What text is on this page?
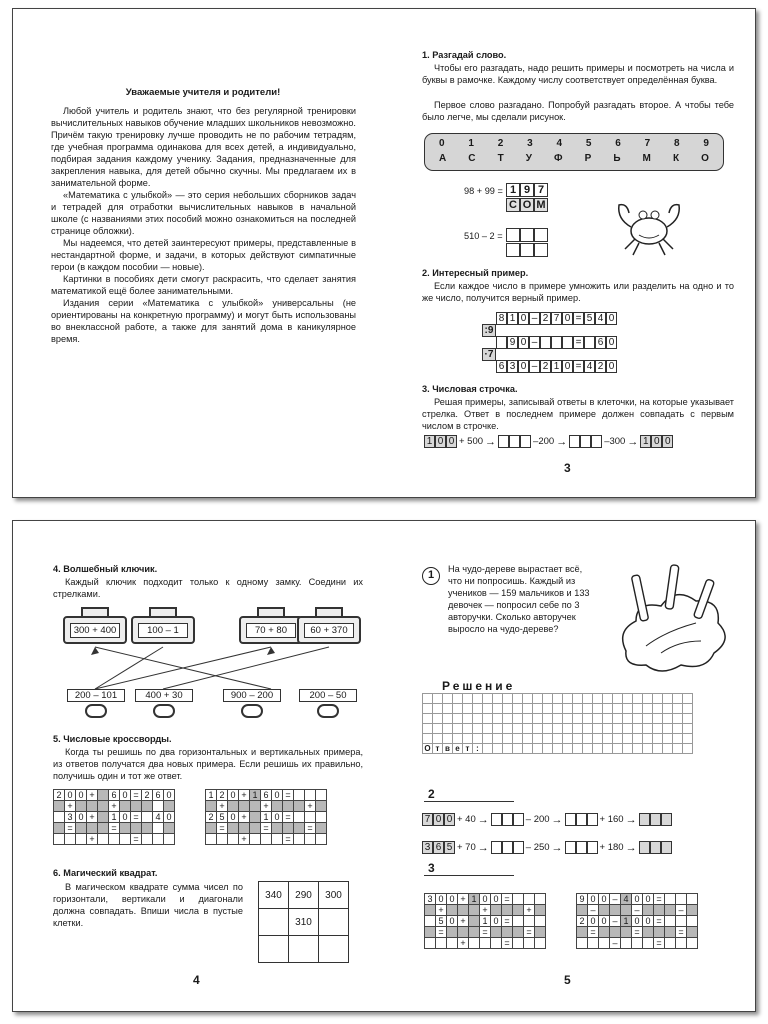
Уважаемые учителя и родители!

Любой учитель и родитель знают, что без регулярной тренировки вычислительных навыков обучение младших школьников невозможно. Причём такую тренировку лучше проводить не по рабочим тетрадям, где учебная программа одинакова для всех детей, а индивидуально, подбирая задания каждому ученику. Задания, предназначенные для закрепления навыка, для детей обычно скучны. Мы предлагаем их в занимательной форме.

«Математика с улыбкой» — это серия небольших сборников задач и тетрадей для отработки вычислительных навыков в начальной школе (с названиями этих пособий можно ознакомиться на последней странице обложки).

Мы надеемся, что детей заинтересуют примеры, представленные в нестандартной форме, и задачи, в которых действуют симпатичные герои (в каждом пособии — новые).

Картинки в пособиях дети смогут раскрасить, что сделает занятия математикой ещё более занимательными.

Издания серии «Математика с улыбкой» универсальны (не ориентированы на конкретную программу) и могут быть использованы во внеклассной работе, а также для занятий дома в каникулярное время.

1. Разгадай слово.
Чтобы его разгадать, надо решить примеры и посмотреть на числа и буквы в рамочке. Каждому числу соответствует определённая буква.
Первое слово разгадано. Попробуй разгадать второе. А чтобы тебе было легче, мы сделали рисунок.
0 1 2 3 4 5 6 7 8 9
А С Т У Ф Р Ь М К О
98 + 99 = 1 9 7
С О М
510 – 2 =
2. Интересный пример.
Если каждое число в примере умножить или разделить на одно и то же число, получится верный пример.
8 1 0 – 2 7 0 = 5 4 0
9 0 –	= 6 0
6 3 0 – 2 1 0 = 4 2 0
:9
·7
3. Числовая строчка.
Решая примеры, записывай ответы в клеточки, на которые указывает стрелка. Ответ в последнем примере должен совпадать с первым числом в строчке.
1 0 0 + 500 →	–200 →	–300 → 1 0 0
3
4. Волшебный ключик.
Каждый ключик подходит только к одному замку. Соедини их стрелками.
300 + 400	100 – 1	70 + 80	60 + 370
200 – 101	400 + 30	900 – 200	200 – 50
5. Числовые кроссворды.
Когда ты решишь по два горизонтальных и вертикальных примера, из ответов получатся два новых примера. Если решишь их правильно, получишь один и тот же ответ.
2	0	0	+		6	0	=	2	6	0
	+				+					
	3	0	+		1	0	=		4	0
	=				=					
			+				=			
1	2	0	+	1	6	0	=			
	+				+				+	
2	5	0	+		1	0	=			
	=				=				=	
			+				=			
6. Магический квадрат.
В магическом квадрате сумма чисел по горизонтали, вертикали и диагонали должна совпадать. Впиши числа в пустые клетки.
340	290	300
	310	

4
1	На чудо-дереве вырастает всё, что ни попросишь. Каждый из учеников — 159 мальчиков и 133 девочек — попросил себе по 3 авторучки. Сколько авторучек выросло на чудо-дереве?
Решение

О	т	в	е	т	:																					
2
7 0 0 + 40 →	– 200 →	+ 160 →
3 6 5 + 70 →	– 250 →	+ 180 →
3
3	0	0	+	1	0	0	=			
	+				+				+	
	5	0	+		1	0	=			
	=				=				=	
			+				=			
9	0	0	–	4	0	0	=			
	–				–				–	
2	0	0	–	1	0	0	=			
	=				=				=	
			–				=			
5
